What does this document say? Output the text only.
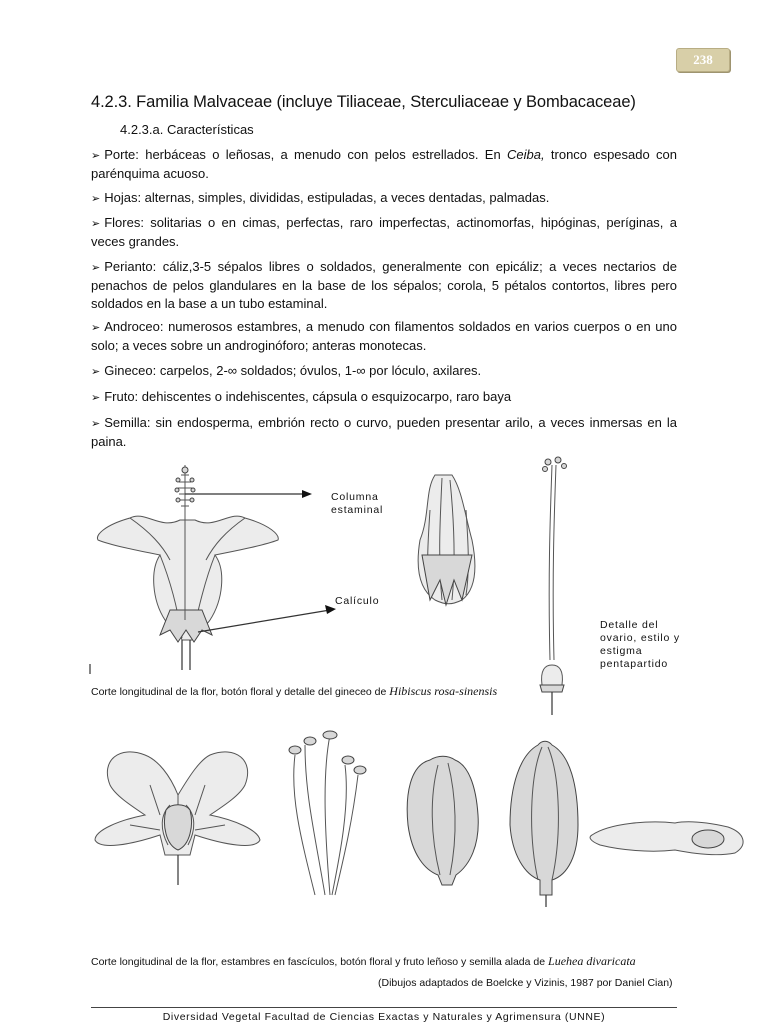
238
4.2.3. Familia Malvaceae (incluye Tiliaceae, Sterculiaceae y Bombacaceae)
4.2.3.a. Características
➢ Porte: herbáceas o leñosas, a menudo con pelos estrellados. En Ceiba, tronco espesado con parénquima acuoso.
➢ Hojas: alternas, simples, divididas, estipuladas, a veces dentadas, palmadas.
➢ Flores: solitarias o en cimas, perfectas, raro imperfectas, actinomorfas, hipóginas, períginas, a veces grandes.
➢ Perianto: cáliz,3-5 sépalos libres o soldados, generalmente con epicáliz; a veces nectarios de penachos de pelos glandulares en la base de los sépalos; corola, 5 pétalos contortos, libres pero soldados en la base a un tubo estaminal.
➢ Androceo: numerosos estambres, a menudo con filamentos soldados en varios cuerpos o en uno solo; a veces sobre un androginóforo; anteras monotecas.
➢ Gineceo: carpelos, 2-∞ soldados; óvulos, 1-∞ por lóculo, axilares.
➢ Fruto: dehiscentes o indehiscentes, cápsula o esquizocarpo, raro baya
➢ Semilla: sin endosperma, embrión recto o curvo, pueden presentar arilo, a veces inmersas en la paina.
Columna estaminal
Calículo
Detalle del ovario, estilo y estigma pentapartido
Corte longitudinal de la flor, botón floral y detalle del gineceo de Hibiscus rosa-sinensis
Corte longitudinal de la flor, estambres en fascículos, botón floral y fruto leñoso y semilla alada de Luehea divaricata
(Dibujos adaptados de Boelcke y Vizinis, 1987 por Daniel Cian)
Diversidad Vegetal Facultad de Ciencias Exactas y Naturales y Agrimensura (UNNE)
